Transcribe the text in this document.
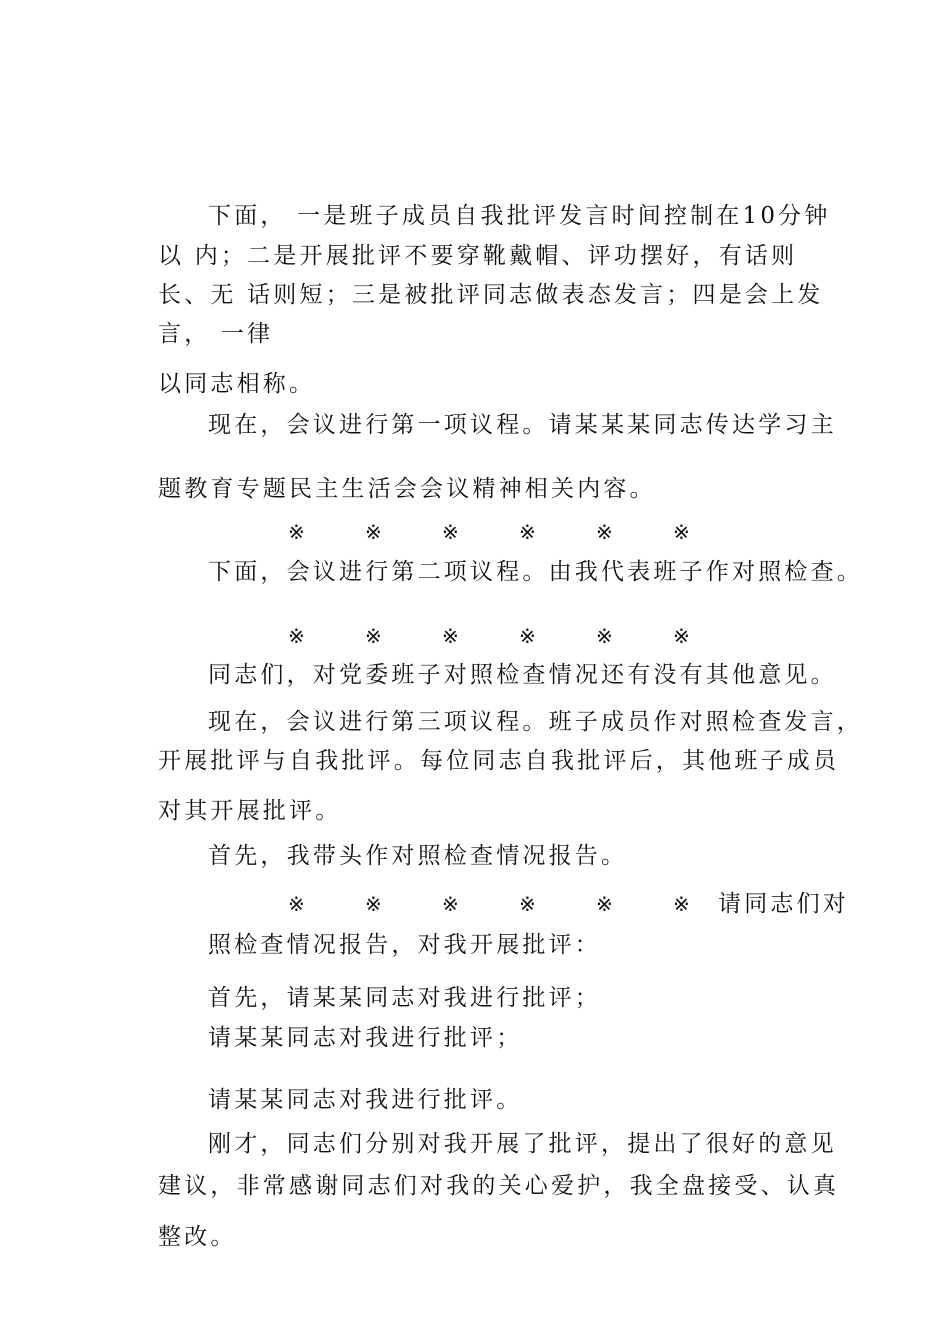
下面， 一是班子成员自我批评发言时间控制在10分钟
以 内；二是开展批评不要穿靴戴帽、评功摆好，有话则
长、无 话则短；三是被批评同志做表态发言；四是会上发
言， 一律
以同志相称。
现在，会议进行第一项议程。请某某某同志传达学习主
题教育专题民主生活会会议精神相关内容。
※	※	※	※	※	※
下面，会议进行第二项议程。由我代表班子作对照检查。
※	※	※	※	※	※
同志们，对党委班子对照检查情况还有没有其他意见。
现在，会议进行第三项议程。班子成员作对照检查发言，
开展批评与自我批评。每位同志自我批评后，其他班子成员
对其开展批评。
首先，我带头作对照检查情况报告。
※	※	※	※	※	※	请同志们对
照检查情况报告，对我开展批评：
首先，请某某同志对我进行批评；
请某某同志对我进行批评；
请某某同志对我进行批评。
刚才，同志们分别对我开展了批评，提出了很好的意见
建议，非常感谢同志们对我的关心爱护，我全盘接受、认真
整改。
